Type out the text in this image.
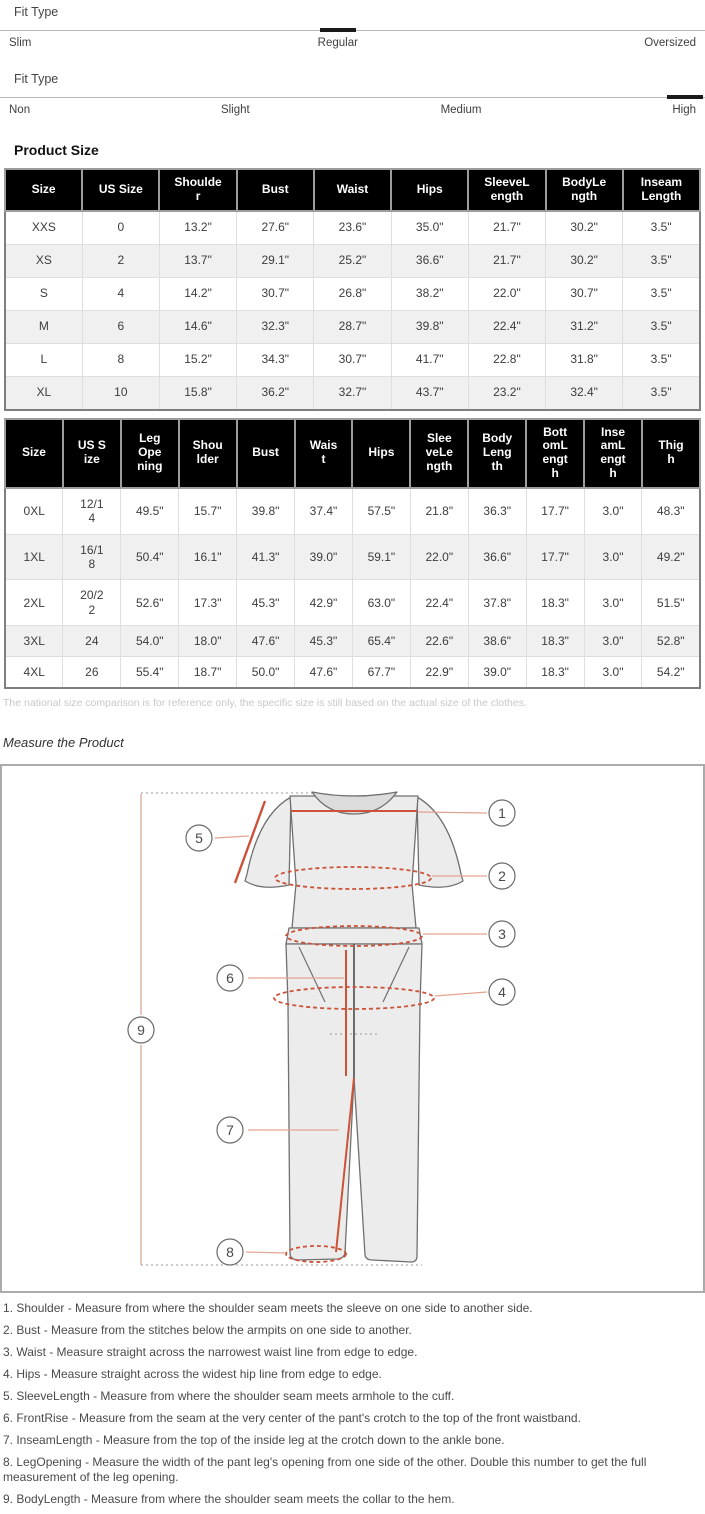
Fit Type
Slim	Regular	Oversized
Fit Type
Non	Slight	Medium	High
Product Size
Size	US Size	Shoulder	Bust	Waist	Hips	SleeveLength	BodyLength	Inseam Length
XXS	0	13.2"	27.6"	23.6"	35.0"	21.7"	30.2"	3.5"
XS	2	13.7"	29.1"	25.2"	36.6"	21.7"	30.2"	3.5"
S	4	14.2"	30.7"	26.8"	38.2"	22.0"	30.7"	3.5"
M	6	14.6"	32.3"	28.7"	39.8"	22.4"	31.2"	3.5"
L	8	15.2"	34.3"	30.7"	41.7"	22.8"	31.8"	3.5"
XL	10	15.8"	36.2"	32.7"	43.7"	23.2"	32.4"	3.5"
Size	US Size	Leg Opening	Shoulder	Bust	Waist	Hips	SleeveLength	BodyLength	BottomLength	InseamLength	Thigh
0XL	12/14	49.5"	15.7"	39.8"	37.4"	57.5"	21.8"	36.3"	17.7"	3.0"	48.3"
1XL	16/18	50.4"	16.1"	41.3"	39.0"	59.1"	22.0"	36.6"	17.7"	3.0"	49.2"
2XL	20/22	52.6"	17.3"	45.3"	42.9"	63.0"	22.4"	37.8"	18.3"	3.0"	51.5"
3XL	24	54.0"	18.0"	47.6"	45.3"	65.4"	22.6"	38.6"	18.3"	3.0"	52.8"
4XL	26	55.4"	18.7"	50.0"	47.6"	67.7"	22.9"	39.0"	18.3"	3.0"	54.2"
The national size comparison is for reference only, the specific size is still based on the actual size of the clothes.
Measure the Product
1
2
3
4
5
6
7
8
9
1. Shoulder - Measure from where the shoulder seam meets the sleeve on one side to another side.
2. Bust - Measure from the stitches below the armpits on one side to another.
3. Waist - Measure straight across the narrowest waist line from edge to edge.
4. Hips - Measure straight across the widest hip line from edge to edge.
5. SleeveLength - Measure from where the shoulder seam meets armhole to the cuff.
6. FrontRise - Measure from the seam at the very center of the pant's crotch to the top of the front waistband.
7. InseamLength - Measure from the top of the inside leg at the crotch down to the ankle bone.
8. LegOpening - Measure the width of the pant leg's opening from one side of the other. Double this number to get the full measurement of the leg opening.
9. BodyLength - Measure from where the shoulder seam meets the collar to the hem.
